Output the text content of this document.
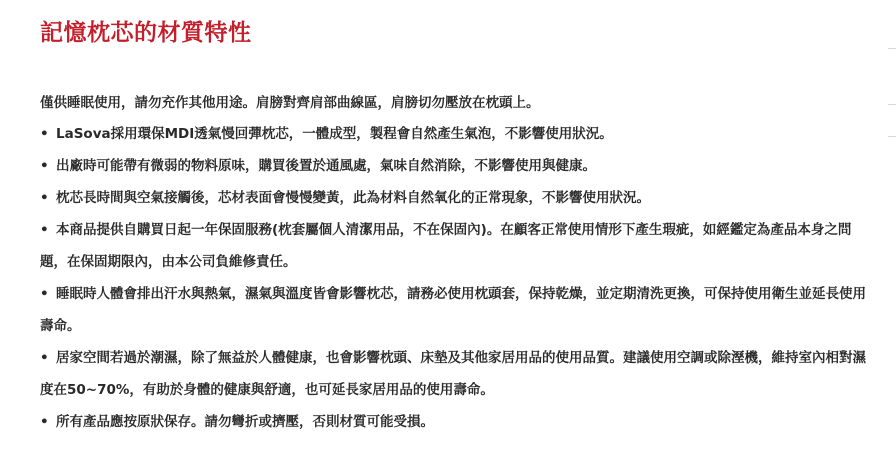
記憶枕芯的材質特性

僅供睡眠使用，請勿充作其他用途。肩膀對齊肩部曲線區，肩膀切勿壓放在枕頭上。

• LaSova採用環保MDI透氣慢回彈枕芯，一體成型，製程會自然產生氣泡，不影響使用狀況。
• 出廠時可能帶有微弱的物料原味，購買後置於通風處，氣味自然消除，不影響使用與健康。
• 枕芯長時間與空氣接觸後，芯材表面會慢慢變黃，此為材料自然氧化的正常現象，不影響使用狀況。
• 本商品提供自購買日起一年保固服務(枕套屬個人清潔用品，不在保固內)。在顧客正常使用情形下產生瑕疵，如經鑑定為產品本身之問題，在保固期限內，由本公司負維修責任。
• 睡眠時人體會排出汗水與熱氣，濕氣與溫度皆會影響枕芯，請務必使用枕頭套，保持乾燥，並定期清洗更換，可保持使用衛生並延長使用壽命。
• 居家空間若過於潮濕，除了無益於人體健康，也會影響枕頭、床墊及其他家居用品的使用品質。建議使用空調或除溼機，維持室內相對濕度在50~70%，有助於身體的健康與舒適，也可延長家居用品的使用壽命。
• 所有產品應按原狀保存。請勿彎折或擠壓，否則材質可能受損。
